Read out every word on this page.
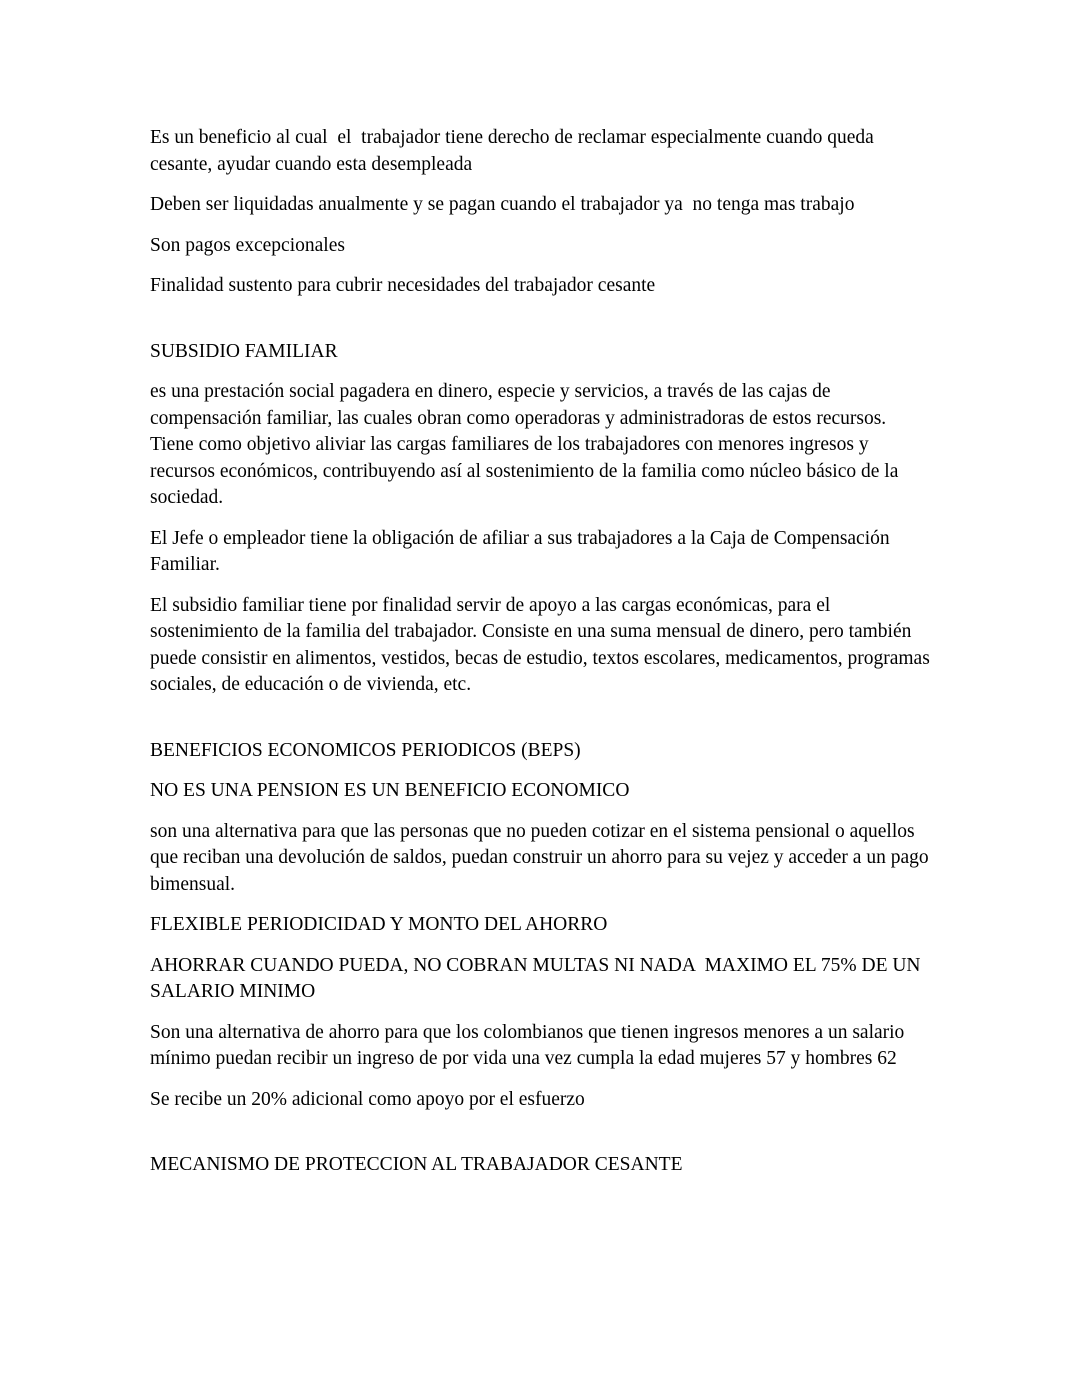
Es un beneficio al cual  el  trabajador tiene derecho de reclamar especialmente cuando queda cesante, ayudar cuando esta desempleada

Deben ser liquidadas anualmente y se pagan cuando el trabajador ya  no tenga mas trabajo

Son pagos excepcionales

Finalidad sustento para cubrir necesidades del trabajador cesante

SUBSIDIO FAMILIAR

es una prestación social pagadera en dinero, especie y servicios, a través de las cajas de compensación familiar, las cuales obran como operadoras y administradoras de estos recursos. Tiene como objetivo aliviar las cargas familiares de los trabajadores con menores ingresos y recursos económicos, contribuyendo así al sostenimiento de la familia como núcleo básico de la sociedad.

El Jefe o empleador tiene la obligación de afiliar a sus trabajadores a la Caja de Compensación Familiar.

El subsidio familiar tiene por finalidad servir de apoyo a las cargas económicas, para el sostenimiento de la familia del trabajador. Consiste en una suma mensual de dinero, pero también puede consistir en alimentos, vestidos, becas de estudio, textos escolares, medicamentos, programas sociales, de educación o de vivienda, etc.

BENEFICIOS ECONOMICOS PERIODICOS (BEPS)

NO ES UNA PENSION ES UN BENEFICIO ECONOMICO

son una alternativa para que las personas que no pueden cotizar en el sistema pensional o aquellos que reciban una devolución de saldos, puedan construir un ahorro para su vejez y acceder a un pago bimensual.

FLEXIBLE PERIODICIDAD Y MONTO DEL AHORRO

AHORRAR CUANDO PUEDA, NO COBRAN MULTAS NI NADA  MAXIMO EL 75% DE UN SALARIO MINIMO

Son una alternativa de ahorro para que los colombianos que tienen ingresos menores a un salario mínimo puedan recibir un ingreso de por vida una vez cumpla la edad mujeres 57 y hombres 62

Se recibe un 20% adicional como apoyo por el esfuerzo

MECANISMO DE PROTECCION AL TRABAJADOR CESANTE
